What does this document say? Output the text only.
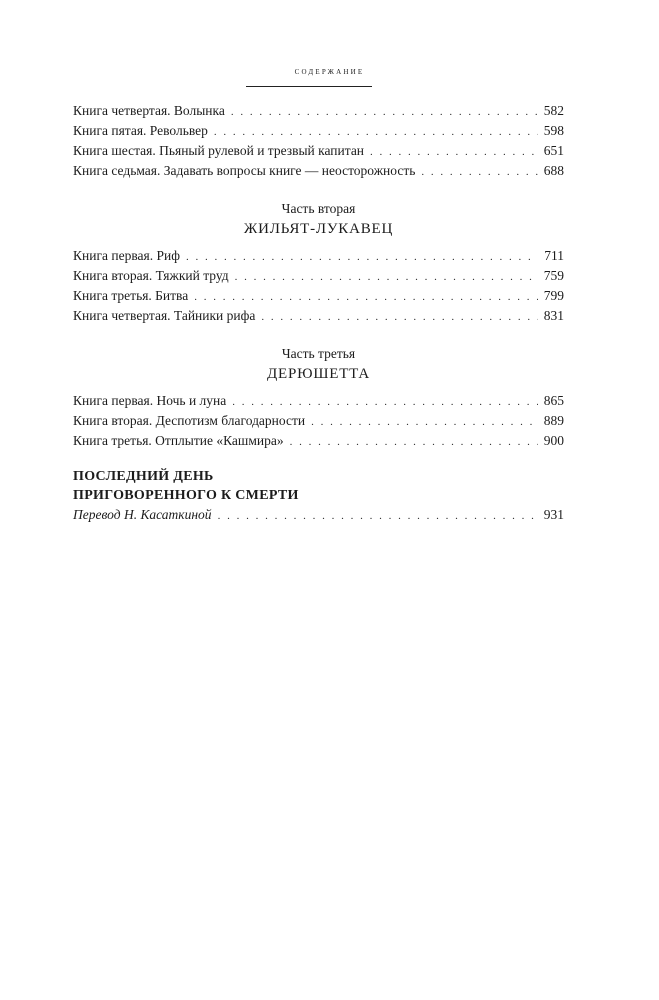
содержание
Книга четвертая. Волынка . . .	582
Книга пятая. Револьвер . . .	598
Книга шестая. Пьяный рулевой и трезвый капитан . . .	651
Книга седьмая. Задавать вопросы книге — неосторожность . . .	688
Часть вторая
ЖИЛЬЯТ-ЛУКАВЕЦ
Книга первая. Риф . . .	711
Книга вторая. Тяжкий труд . . .	759
Книга третья. Битва . . .	799
Книга четвертая. Тайники рифа . . .	831
Часть третья
ДЕРЮШЕТТА
Книга первая. Ночь и луна . . .	865
Книга вторая. Деспотизм благодарности . . .	889
Книга третья. Отплытие «Кашмира» . . .	900
ПОСЛЕДНИЙ ДЕНЬ
ПРИГОВОРЕННОГО К СМЕРТИ
Перевод Н. Касаткиной . . .	931
